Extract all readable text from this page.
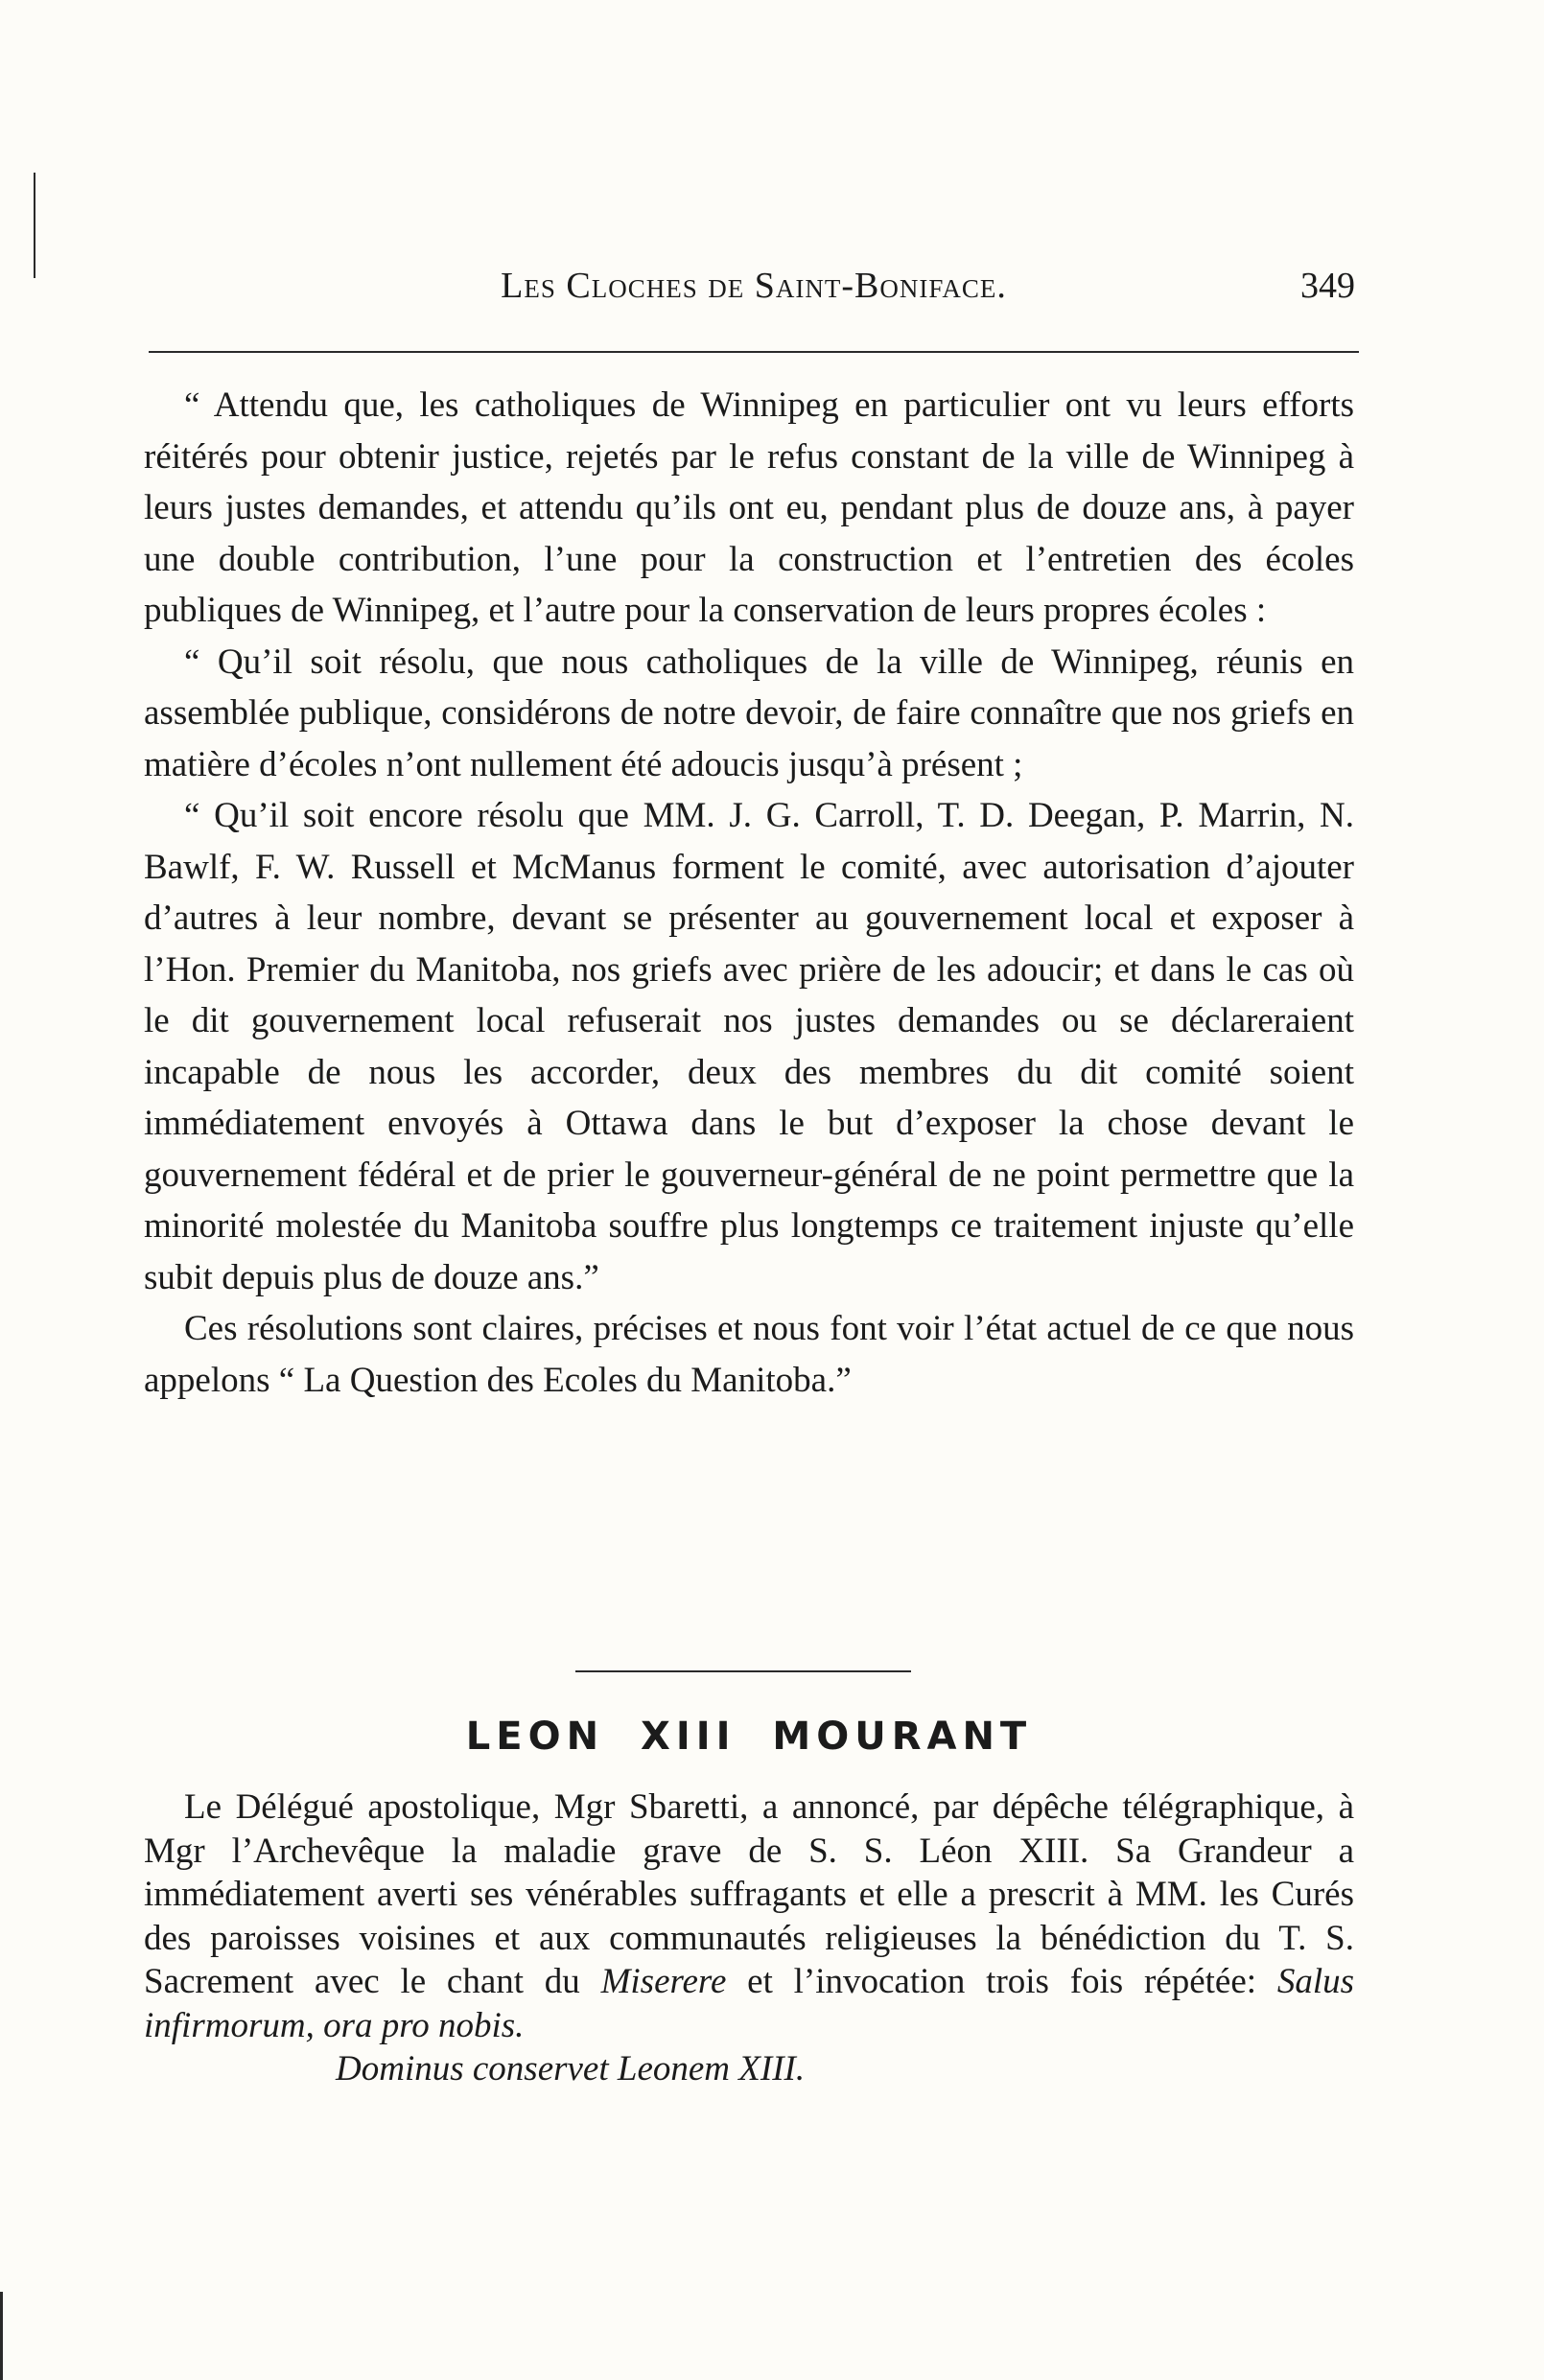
Les Cloches de Saint-Boniface.	349

“ Attendu que, les catholiques de Winnipeg en particulier ont vu leurs efforts réitérés pour obtenir justice, rejetés par le refus constant de la ville de Winnipeg à leurs justes demandes, et attendu qu’ils ont eu, pendant plus de douze ans, à payer une double contribution, l’une pour la construction et l’entretien des écoles publiques de Winnipeg, et l’autre pour la conservation de leurs propres écoles :

“ Qu’il soit résolu, que nous catholiques de la ville de Winnipeg, réunis en assemblée publique, considérons de notre devoir, de faire connaître que nos griefs en matière d’écoles n’ont nullement été adoucis jusqu’à présent ;

“ Qu’il soit encore résolu que MM. J. G. Carroll, T. D. Deegan, P. Marrin, N. Bawlf, F. W. Russell et McManus forment le comité, avec autorisation d’ajouter d’autres à leur nombre, devant se présenter au gouvernement local et exposer à l’Hon. Premier du Manitoba, nos griefs avec prière de les adoucir; et dans le cas où le dit gouvernement local refuserait nos justes demandes ou se déclareraient incapable de nous les accorder, deux des membres du dit comité soient immédiatement envoyés à Ottawa dans le but d’exposer la chose devant le gouvernement fédéral et de prier le gouverneur-général de ne point permettre que la minorité molestée du Manitoba souffre plus longtemps ce traitement injuste qu’elle subit depuis plus de douze ans.”

Ces résolutions sont claires, précises et nous font voir l’état actuel de ce que nous appelons “ La Question des Ecoles du Manitoba.”

LEON XIII MOURANT

Le Délégué apostolique, Mgr Sbaretti, a annoncé, par dépêche télégraphique, à Mgr l’Archevêque la maladie grave de S. S. Léon XIII. Sa Grandeur a immédiatement averti ses vénérables suffragants et elle a prescrit à MM. les Curés des paroisses voisines et aux communautés religieuses la bénédiction du T. S. Sacrement avec le chant du Miserere et l’invocation trois fois répétée: Salus infirmorum, ora pro nobis.

Dominus conservet Leonem XIII.
